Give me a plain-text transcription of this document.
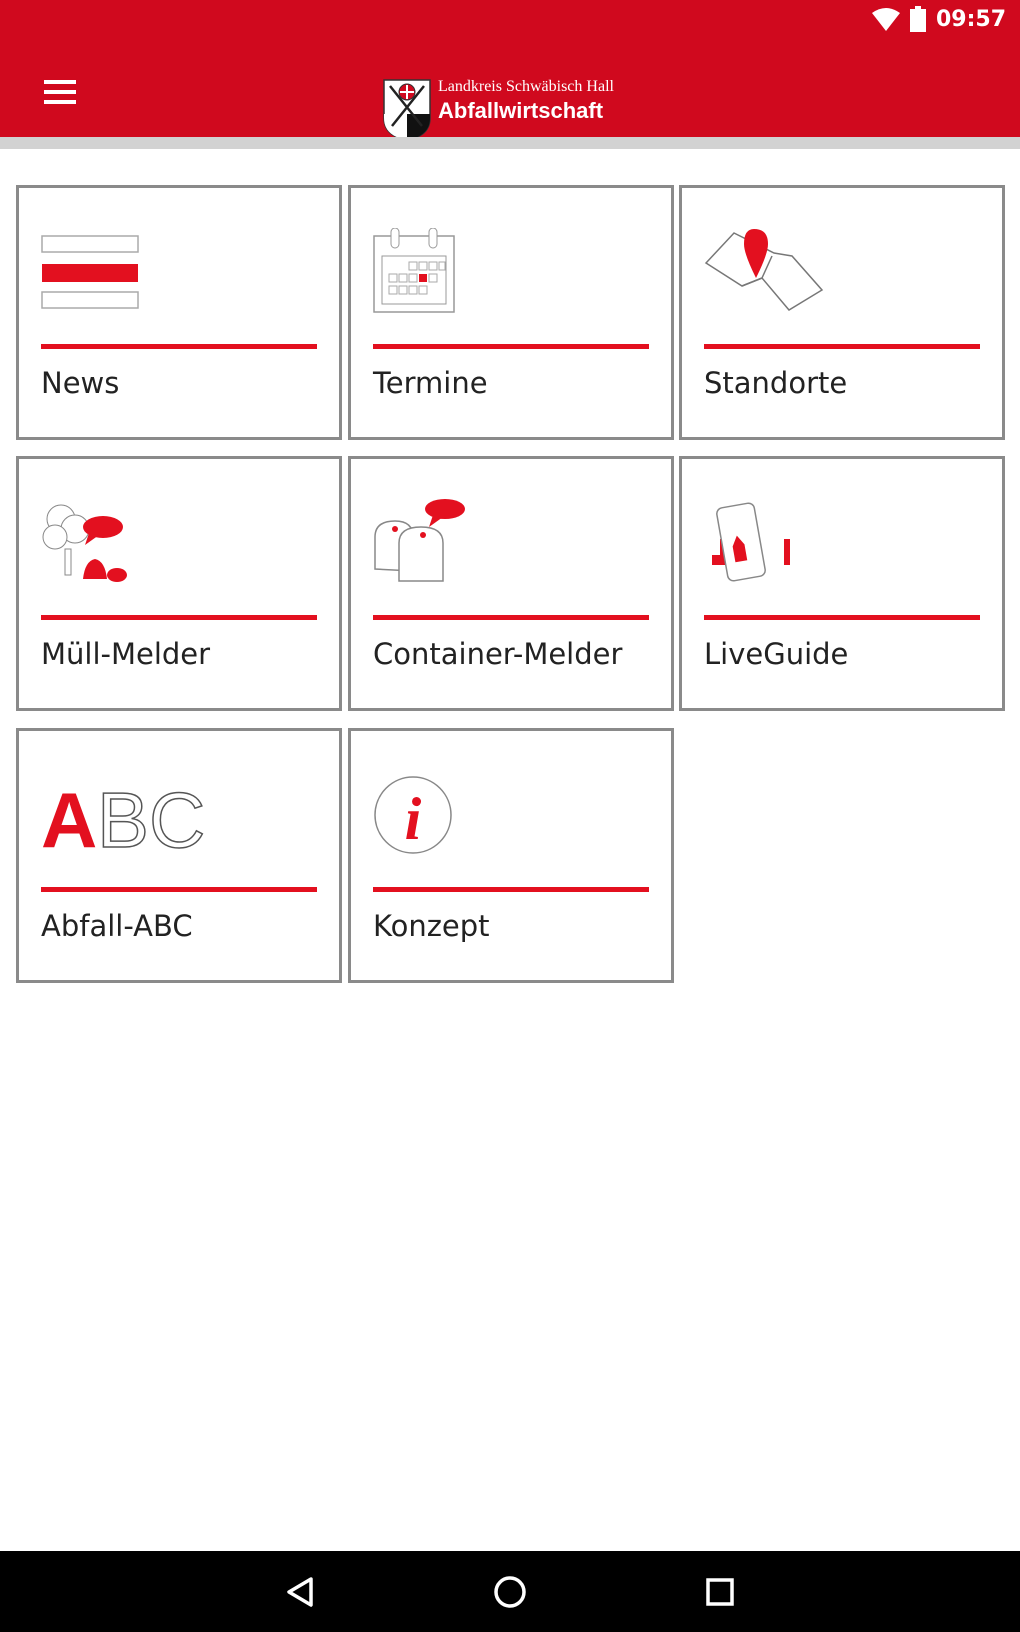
09:57
Landkreis Schwäbisch Hall
Abfallwirtschaft
News	Termine	Standorte
Müll-Melder	Container-Melder	LiveGuide
A BC
Abfall-ABC
i
Konzept
